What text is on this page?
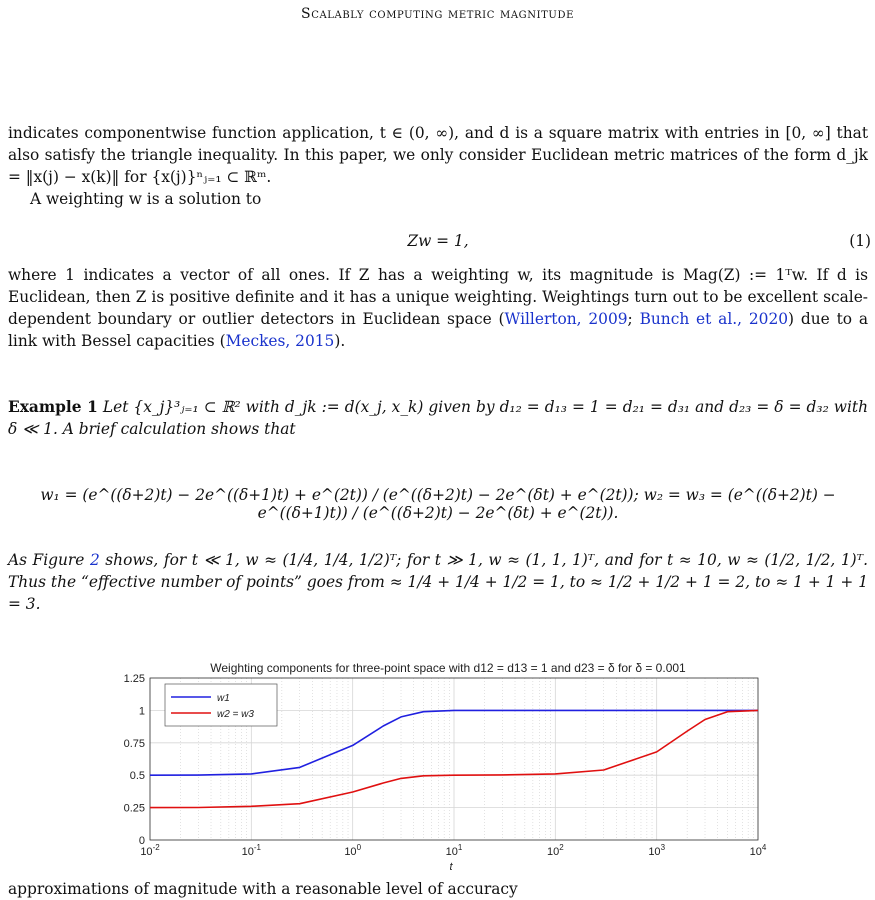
Scalably computing metric magnitude
indicates componentwise function application, t ∈ (0, ∞), and d is a square matrix with entries in [0, ∞] that also satisfy the triangle inequality. In this paper, we only consider Euclidean metric matrices of the form d_jk = ‖x(j) − x(k)‖ for {x(j)}ⁿⱼ₌₁ ⊂ ℝᵐ.
A weighting w is a solution to
Zw = 1,	(1)
where 1 indicates a vector of all ones. If Z has a weighting w, its magnitude is Mag(Z) := 1ᵀw. If d is Euclidean, then Z is positive definite and it has a unique weighting. Weightings turn out to be excellent scale-dependent boundary or outlier detectors in Euclidean space (Willerton, 2009; Bunch et al., 2020) due to a link with Bessel capacities (Meckes, 2015).
Example 1 Let {x_j}³ⱼ₌₁ ⊂ ℝ² with d_jk := d(x_j, x_k) given by d₁₂ = d₁₃ = 1 = d₂₁ = d₃₁ and d₂₃ = δ = d₃₂ with δ ≪ 1. A brief calculation shows that
w₁ = (e^((δ+2)t) − 2e^((δ+1)t) + e^(2t)) / (e^((δ+2)t) − 2e^(δt) + e^(2t)); w₂ = w₃ = (e^((δ+2)t) − e^((δ+1)t)) / (e^((δ+2)t) − 2e^(δt) + e^(2t)).
As Figure 2 shows, for t ≪ 1, w ≈ (1/4, 1/4, 1/2)ᵀ; for t ≫ 1, w ≈ (1, 1, 1)ᵀ, and for t ≈ 10, w ≈ (1/2, 1/2, 1)ᵀ. Thus the “effective number of points” goes from ≈ 1/4 + 1/4 + 1/2 = 1, to ≈ 1/2 + 1/2 + 1 = 2, to ≈ 1 + 1 + 1 = 3.
Weighting components for three-point space with d12 = d13 = 1 and d23 = δ for δ = 0.001
0
0.25
0.5
0.75
1
1.25
$10^{-2}$	$10^{-1}$	$10^0$	$10^1$	$10^2$	$10^3$	$10^4$
w1
w2 = w3
t
approximations of magnitude with a reasonable level of accuracy
